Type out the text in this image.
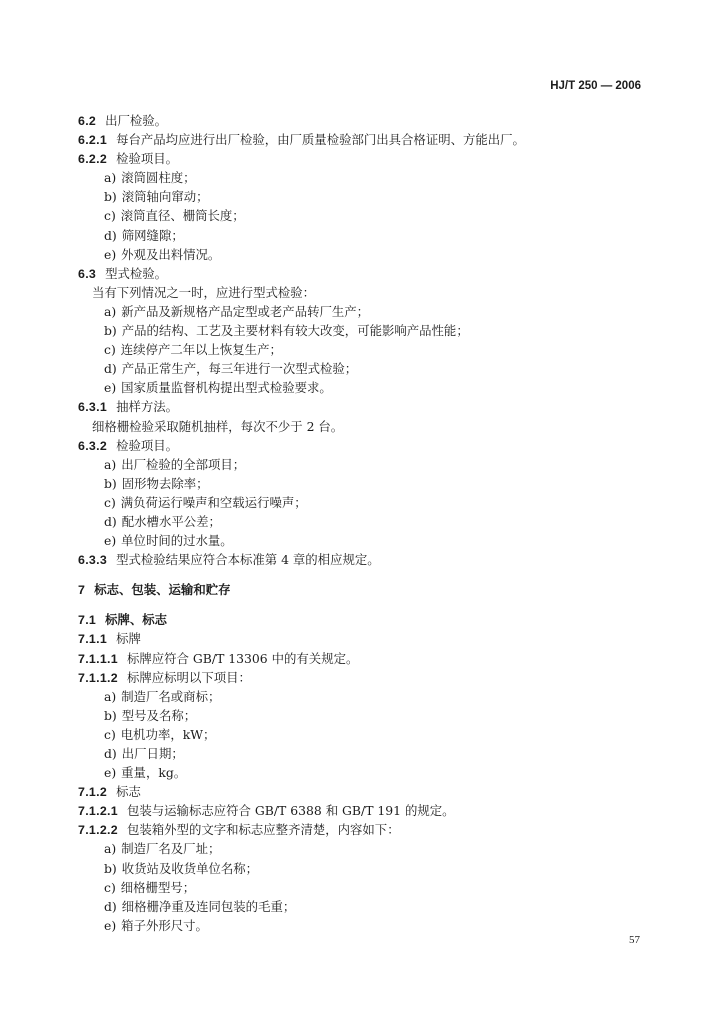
HJ/T 250 — 2006
6.2 出厂检验。
6.2.1 每台产品均应进行出厂检验，由厂质量检验部门出具合格证明、方能出厂。
6.2.2 检验项目。
a) 滚筒圆柱度；
b) 滚筒轴向窜动；
c) 滚筒直径、栅筒长度；
d) 筛网缝隙；
e) 外观及出料情况。
6.3 型式检验。
当有下列情况之一时，应进行型式检验：
a) 新产品及新规格产品定型或老产品转厂生产；
b) 产品的结构、工艺及主要材料有较大改变，可能影响产品性能；
c) 连续停产二年以上恢复生产；
d) 产品正常生产，每三年进行一次型式检验；
e) 国家质量监督机构提出型式检验要求。
6.3.1 抽样方法。
细格栅检验采取随机抽样，每次不少于 2 台。
6.3.2 检验项目。
a) 出厂检验的全部项目；
b) 固形物去除率；
c) 满负荷运行噪声和空载运行噪声；
d) 配水槽水平公差；
e) 单位时间的过水量。
6.3.3 型式检验结果应符合本标准第 4 章的相应规定。
7 标志、包装、运输和贮存
7.1 标牌、标志
7.1.1 标牌
7.1.1.1 标牌应符合 GB/T 13306 中的有关规定。
7.1.1.2 标牌应标明以下项目：
a) 制造厂名或商标；
b) 型号及名称；
c) 电机功率，kW；
d) 出厂日期；
e) 重量，kg。
7.1.2 标志
7.1.2.1 包装与运输标志应符合 GB/T 6388 和 GB/T 191 的规定。
7.1.2.2 包装箱外型的文字和标志应整齐清楚，内容如下：
a) 制造厂名及厂址；
b) 收货站及收货单位名称；
c) 细格栅型号；
d) 细格栅净重及连同包装的毛重；
e) 箱子外形尺寸。
57
